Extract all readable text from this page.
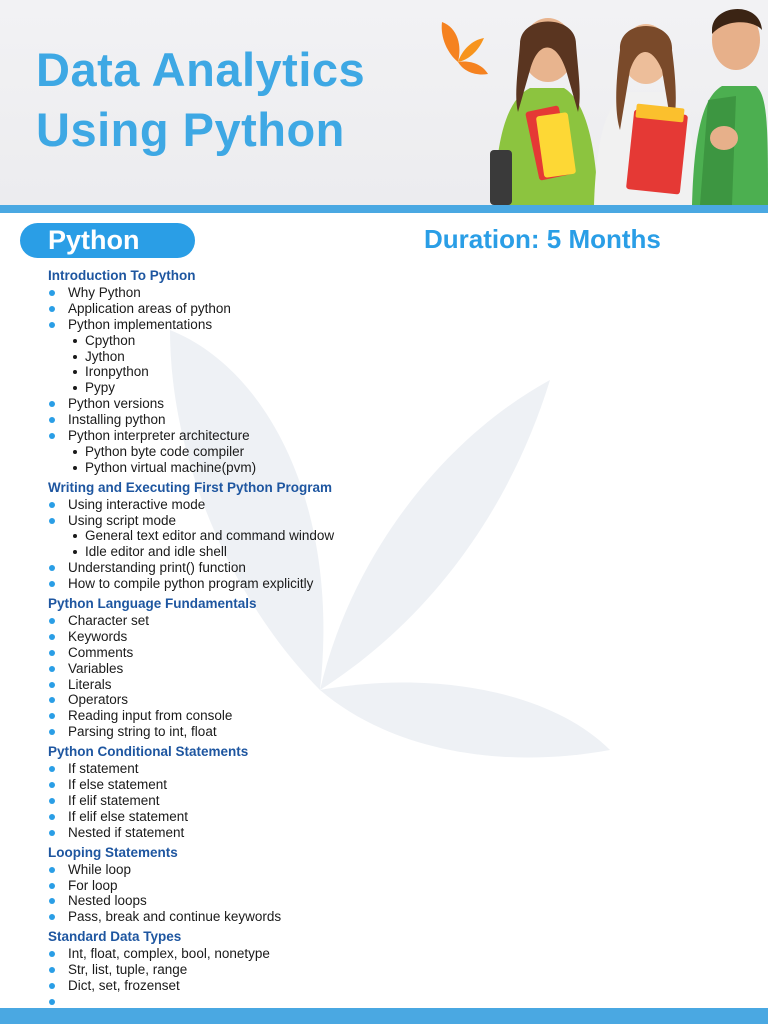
Data Analytics
Using Python
Python	Duration: 5 Months
Introduction To Python
Why Python
Application areas of python
Python implementations
Cpython
Jython
Ironpython
Pypy
Python versions
Installing python
Python interpreter architecture
Python byte code compiler
Python virtual machine(pvm)
Writing and Executing First Python Program
Using interactive mode
Using script mode
General text editor and command window
Idle editor and idle shell
Understanding print() function
How to compile python program explicitly
Python Language Fundamentals
Character set
Keywords
Comments
Variables
Literals
Operators
Reading input from console
Parsing string to int, float
Python Conditional Statements
If statement
If else statement
If elif statement
If elif else statement
Nested if statement
Looping Statements
While loop
For loop
Nested loops
Pass, break and continue keywords
Standard Data Types
Int, float, complex, bool, nonetype
Str, list, tuple, range
Dict, set, frozenset
